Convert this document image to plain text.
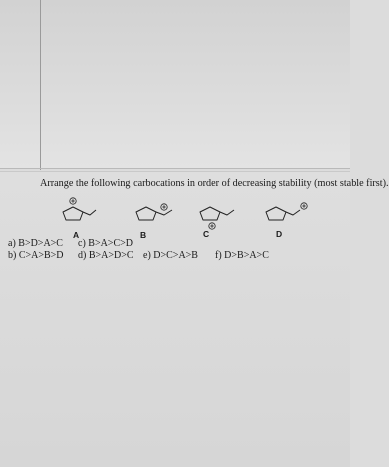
Arrange the following carbocations in order of decreasing stability (most stable first).
A	B	C	D
a) B>D>A>C
b) C>A>B>D
c) B>A>C>D
d) B>A>D>C e) D>C>A>B f) D>B>A>C
